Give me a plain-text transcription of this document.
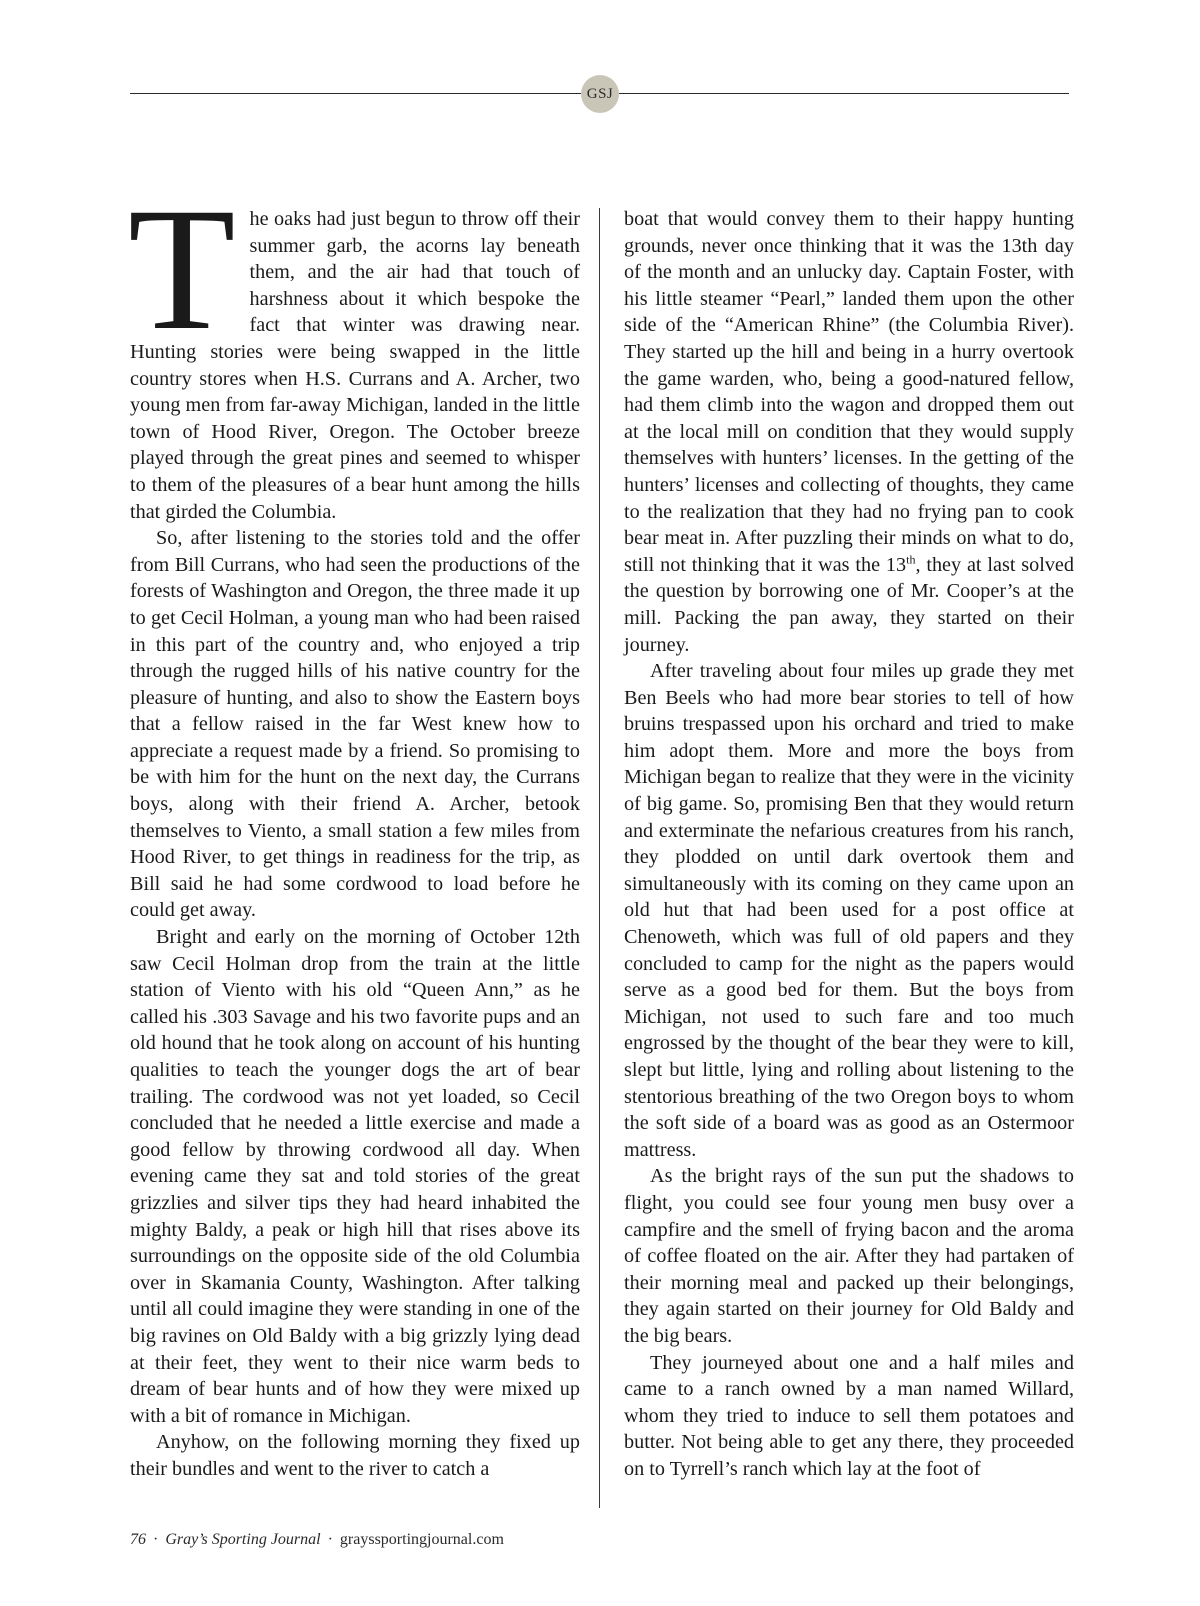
GSJ

The oaks had just begun to throw off their summer garb, the acorns lay beneath them, and the air had that touch of harshness about it which bespoke the fact that winter was drawing near. Hunting stories were being swapped in the little country stores when H.S. Currans and A. Archer, two young men from far-away Michigan, landed in the little town of Hood River, Oregon. The October breeze played through the great pines and seemed to whisper to them of the pleasures of a bear hunt among the hills that girded the Columbia.

So, after listening to the stories told and the offer from Bill Currans, who had seen the productions of the forests of Washington and Oregon, the three made it up to get Cecil Holman, a young man who had been raised in this part of the country and, who enjoyed a trip through the rugged hills of his native country for the pleasure of hunting, and also to show the Eastern boys that a fellow raised in the far West knew how to appreciate a request made by a friend. So promising to be with him for the hunt on the next day, the Currans boys, along with their friend A. Archer, betook themselves to Viento, a small station a few miles from Hood River, to get things in readiness for the trip, as Bill said he had some cordwood to load before he could get away.

Bright and early on the morning of October 12th saw Cecil Holman drop from the train at the little station of Viento with his old “Queen Ann,” as he called his .303 Savage and his two favorite pups and an old hound that he took along on account of his hunting qualities to teach the younger dogs the art of bear trailing. The cordwood was not yet loaded, so Cecil concluded that he needed a little exercise and made a good fellow by throwing cordwood all day. When evening came they sat and told stories of the great grizzlies and silver tips they had heard inhabited the mighty Baldy, a peak or high hill that rises above its surroundings on the opposite side of the old Columbia over in Skamania County, Washington. After talking until all could imagine they were standing in one of the big ravines on Old Baldy with a big grizzly lying dead at their feet, they went to their nice warm beds to dream of bear hunts and of how they were mixed up with a bit of romance in Michigan.

Anyhow, on the following morning they fixed up their bundles and went to the river to catch a

boat that would convey them to their happy hunting grounds, never once thinking that it was the 13th day of the month and an unlucky day. Captain Foster, with his little steamer “Pearl,” landed them upon the other side of the “American Rhine” (the Columbia River). They started up the hill and being in a hurry overtook the game warden, who, being a good-natured fellow, had them climb into the wagon and dropped them out at the local mill on condition that they would supply themselves with hunters’ licenses. In the getting of the hunters’ licenses and collecting of thoughts, they came to the realization that they had no frying pan to cook bear meat in. After puzzling their minds on what to do, still not thinking that it was the 13th, they at last solved the question by borrowing one of Mr. Cooper’s at the mill. Packing the pan away, they started on their journey.

After traveling about four miles up grade they met Ben Beels who had more bear stories to tell of how bruins trespassed upon his orchard and tried to make him adopt them. More and more the boys from Michigan began to realize that they were in the vicinity of big game. So, promising Ben that they would return and exterminate the nefarious creatures from his ranch, they plodded on until dark overtook them and simultaneously with its coming on they came upon an old hut that had been used for a post office at Chenoweth, which was full of old papers and they concluded to camp for the night as the papers would serve as a good bed for them. But the boys from Michigan, not used to such fare and too much engrossed by the thought of the bear they were to kill, slept but little, lying and rolling about listening to the stentorious breathing of the two Oregon boys to whom the soft side of a board was as good as an Ostermoor mattress.

As the bright rays of the sun put the shadows to flight, you could see four young men busy over a campfire and the smell of frying bacon and the aroma of coffee floated on the air. After they had partaken of their morning meal and packed up their belongings, they again started on their journey for Old Baldy and the big bears.

They journeyed about one and a half miles and came to a ranch owned by a man named Willard, whom they tried to induce to sell them potatoes and butter. Not being able to get any there, they proceeded on to Tyrrell’s ranch which lay at the foot of

76 · Gray’s Sporting Journal · grayssportingjournal.com
